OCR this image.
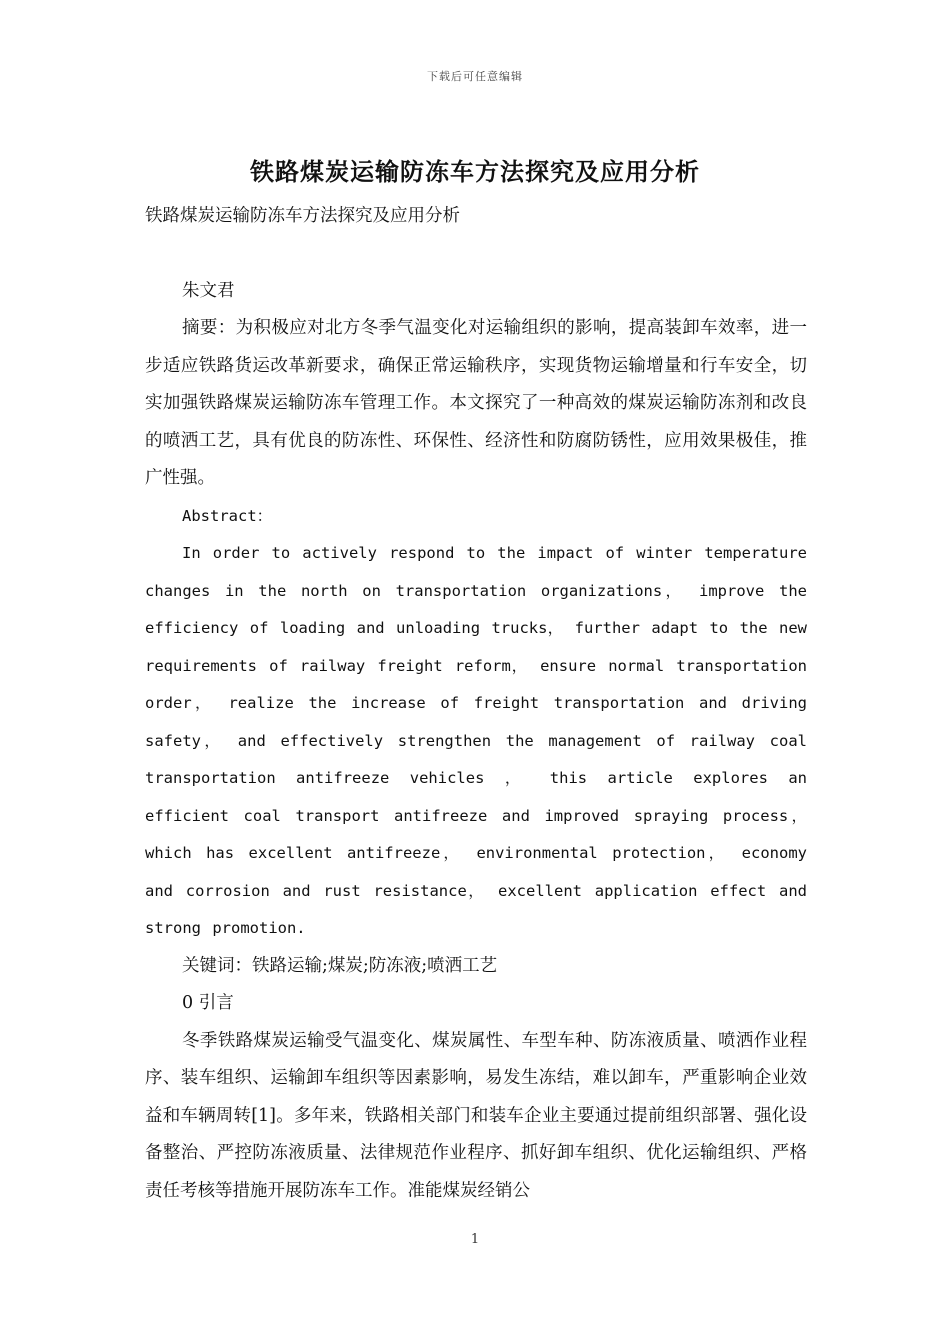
下载后可任意编辑
铁路煤炭运输防冻车方法探究及应用分析

铁路煤炭运输防冻车方法探究及应用分析

朱文君

摘要：为积极应对北方冬季气温变化对运输组织的影响，提高装卸车效率，进一步适应铁路货运改革新要求，确保正常运输秩序，实现货物运输增量和行车安全，切实加强铁路煤炭运输防冻车管理工作。本文探究了一种高效的煤炭运输防冻剂和改良的喷洒工艺，具有优良的防冻性、环保性、经济性和防腐防锈性，应用效果极佳，推广性强。

Abstract：

In order to actively respond to the impact of winter temperature changes in the north on transportation organizations， improve the efficiency of loading and unloading trucks， further adapt to the new requirements of railway freight reform， ensure normal transportation order， realize the increase of freight transportation and driving safety， and effectively strengthen the management of railway coal transportation antifreeze vehicles ， this article explores an efficient coal transport antifreeze and improved spraying process， which has excellent antifreeze， environmental protection， economy and corrosion and rust resistance， excellent application effect and strong promotion.

关键词：铁路运输;煤炭;防冻液;喷洒工艺

0 引言

冬季铁路煤炭运输受气温变化、煤炭属性、车型车种、防冻液质量、喷洒作业程序、装车组织、运输卸车组织等因素影响，易发生冻结，难以卸车，严重影响企业效益和车辆周转[1]。多年来，铁路相关部门和装车企业主要通过提前组织部署、强化设备整治、严控防冻液质量、法律规范作业程序、抓好卸车组织、优化运输组织、严格责任考核等措施开展防冻车工作。准能煤炭经销公

1
